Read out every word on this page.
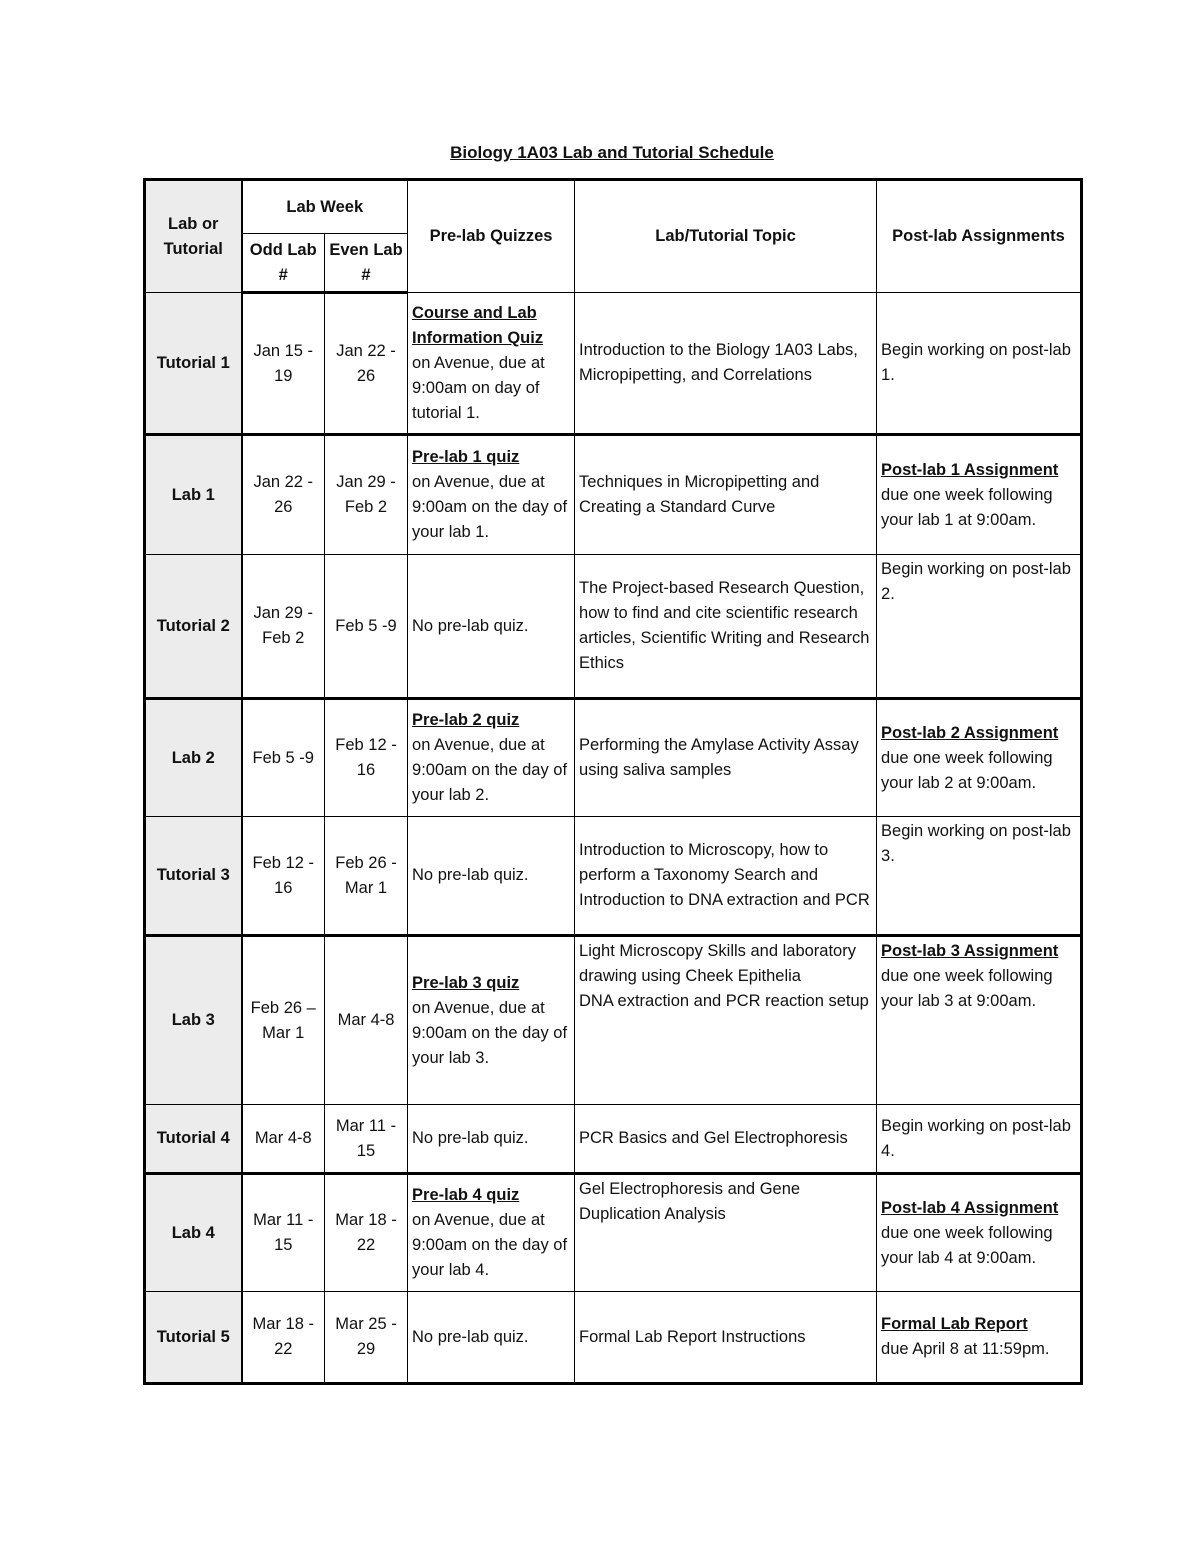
Biology 1A03 Lab and Tutorial Schedule
Lab or Tutorial	Lab Week		Pre-lab Quizzes	Lab/Tutorial Topic	Post-lab Assignments
	Odd Lab #	Even Lab #			
Tutorial 1	Jan 15 - 19	Jan 22 - 26	Course and Lab Information Quiz
on Avenue, due at 9:00am on day of tutorial 1.	Introduction to the Biology 1A03 Labs, Micropipetting, and Correlations	Begin working on post-lab 1.
Lab 1	Jan 22 - 26	Jan 29 - Feb 2	Pre-lab 1 quiz
on Avenue, due at 9:00am on the day of your lab 1.	Techniques in Micropipetting and Creating a Standard Curve	Post-lab 1 Assignment
due one week following your lab 1 at 9:00am.

Tutorial 2	Jan 29 - Feb 2	Feb 5 -9	No pre-lab quiz.	The Project-based Research Question, how to find and cite scientific research articles, Scientific Writing and Research Ethics	Begin working on post-lab 2.
Lab 2	Feb 5 -9	Feb 12 - 16	Pre-lab 2 quiz
on Avenue, due at 9:00am on the day of your lab 2.	Performing the Amylase Activity Assay using saliva samples	Post-lab 2 Assignment
due one week following your lab 2 at 9:00am.

Tutorial 3	Feb 12 - 16	Feb 26 - Mar 1	No pre-lab quiz.	Introduction to Microscopy, how to perform a Taxonomy Search and Introduction to DNA extraction and PCR	Begin working on post-lab 3.
Lab 3	Feb 26 – Mar 1	Mar 4-8	Pre-lab 3 quiz
on Avenue, due at 9:00am on the day of your lab 3.	Light Microscopy Skills and laboratory drawing using Cheek Epithelia
DNA extraction and PCR reaction setup	Post-lab 3 Assignment
due one week following your lab 3 at 9:00am.

Tutorial 4	Mar 4-8	Mar 11 - 15	No pre-lab quiz.	PCR Basics and Gel Electrophoresis	Begin working on post-lab 4.
Lab 4	Mar 11 - 15	Mar 18 - 22	Pre-lab 4 quiz
on Avenue, due at 9:00am on the day of your lab 4.	Gel Electrophoresis and Gene Duplication Analysis	Post-lab 4 Assignment
due one week following your lab 4 at 9:00am.

Tutorial 5	Mar 18 - 22	Mar 25 - 29	No pre-lab quiz.	Formal Lab Report Instructions	Formal Lab Report
due April 8 at 11:59pm.
